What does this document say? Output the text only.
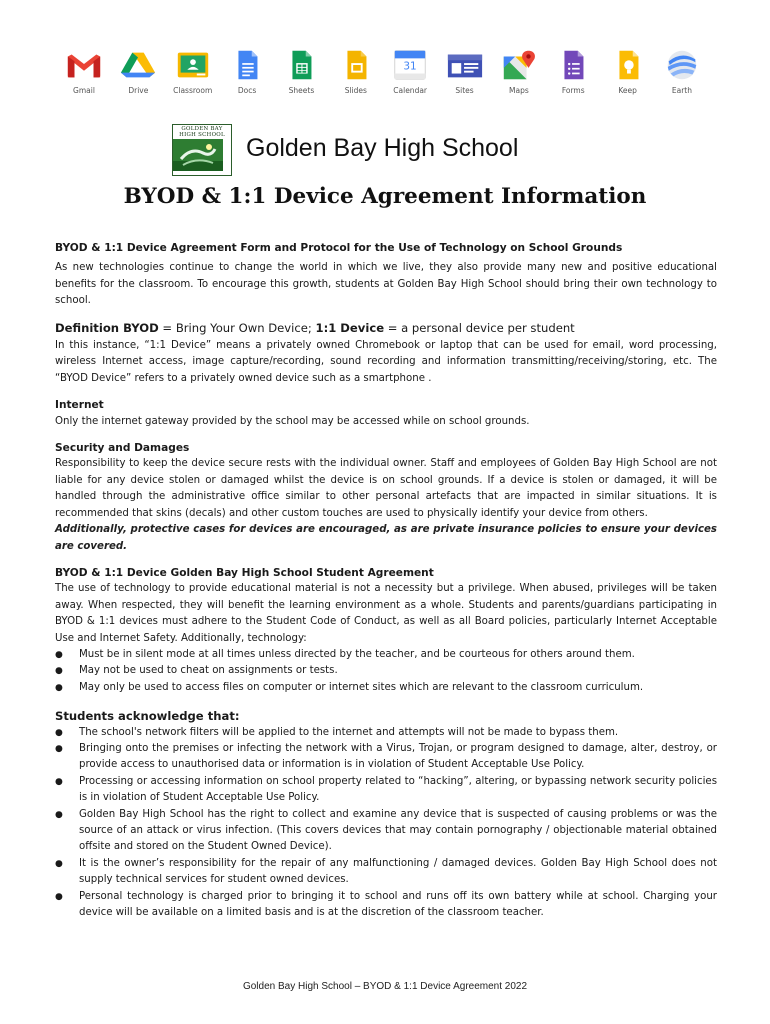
Gmail	Drive	Classroom	Docs	Sheets	Slides
31
Calendar	Sites	Maps	Forms	Keep	Earth
GOLDEN BAY
HIGH SCHOOL Golden Bay High School
BYOD & 1:1 Device Agreement Information

BYOD & 1:1 Device Agreement Form and Protocol for the Use of Technology on School Grounds

As new technologies continue to change the world in which we live, they also provide many new and positive educational benefits for the classroom. To encourage this growth, students at Golden Bay High School should bring their own technology to school.

Definition BYOD = Bring Your Own Device; 1:1 Device = a personal device per student

In this instance, “1:1 Device” means a privately owned Chromebook or laptop that can be used for email, word processing, wireless Internet access, image capture/recording, sound recording and information transmitting/receiving/storing, etc. The “BYOD Device” refers to a privately owned device such as a smartphone .

Internet

Only the internet gateway provided by the school may be accessed while on school grounds.

Security and Damages

Responsibility to keep the device secure rests with the individual owner. Staff and employees of Golden Bay High School are not liable for any device stolen or damaged whilst the device is on school grounds. If a device is stolen or damaged, it will be handled through the administrative office similar to other personal artefacts that are impacted in similar situations. It is recommended that skins (decals) and other custom touches are used to physically identify your device from others.

Additionally, protective cases for devices are encouraged, as are private insurance policies to ensure your devices are covered.

BYOD & 1:1 Device Golden Bay High School Student Agreement

The use of technology to provide educational material is not a necessity but a privilege. When abused, privileges will be taken away. When respected, they will benefit the learning environment as a whole. Students and parents/guardians participating in BYOD & 1:1 devices must adhere to the Student Code of Conduct, as well as all Board policies, particularly Internet Acceptable Use and Internet Safety. Additionally, technology:

● Must be in silent mode at all times unless directed by the teacher, and be courteous for others around them.
● May not be used to cheat on assignments or tests.
● May only be used to access files on computer or internet sites which are relevant to the classroom curriculum.

Students acknowledge that:

● The school's network filters will be applied to the internet and attempts will not be made to bypass them.
● Bringing onto the premises or infecting the network with a Virus, Trojan, or program designed to damage, alter, destroy, or provide access to unauthorised data or information is in violation of Student Acceptable Use Policy.
● Processing or accessing information on school property related to “hacking”, altering, or bypassing network security policies is in violation of Student Acceptable Use Policy.
● Golden Bay High School has the right to collect and examine any device that is suspected of causing problems or was the source of an attack or virus infection. (This covers devices that may contain pornography / objectionable material obtained offsite and stored on the Student Owned Device).
● It is the owner’s responsibility for the repair of any malfunctioning / damaged devices. Golden Bay High School does not supply technical services for student owned devices.
● Personal technology is charged prior to bringing it to school and runs off its own battery while at school. Charging your device will be available on a limited basis and is at the discretion of the classroom teacher.
Golden Bay High School – BYOD & 1:1 Device Agreement 2022
